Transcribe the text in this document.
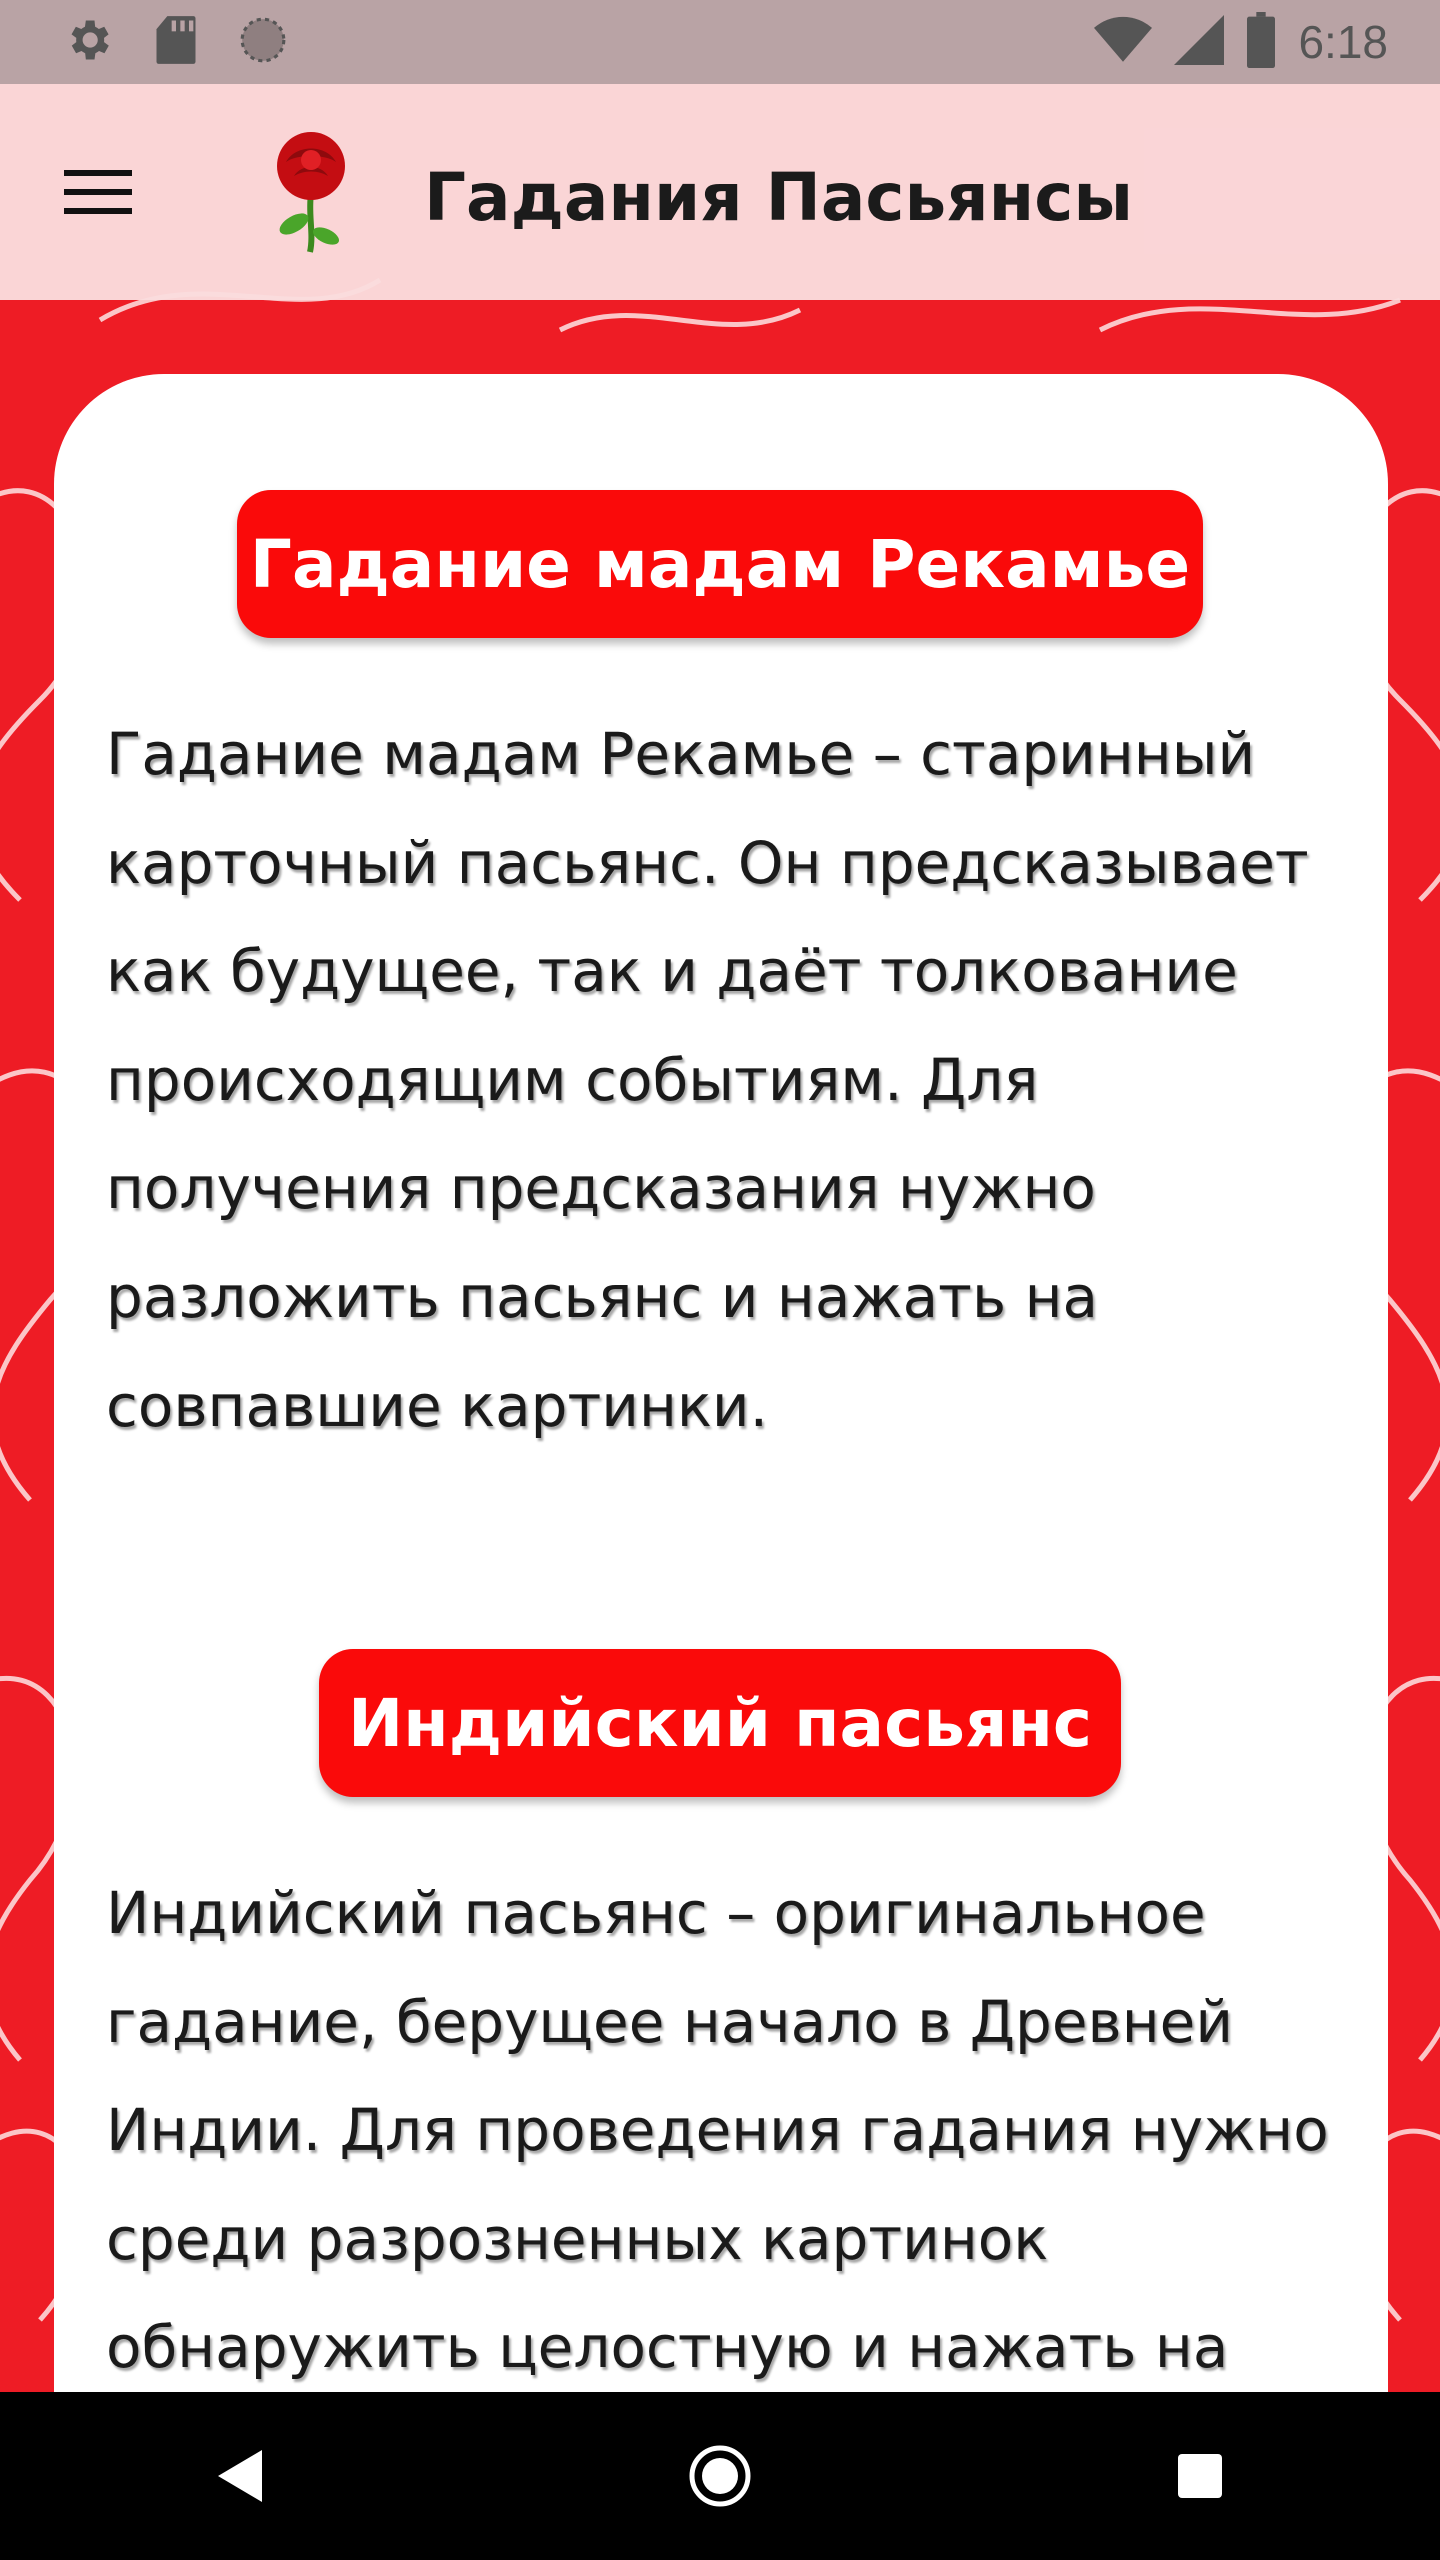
6:18
Гадания Пасьянсы
Гадание мадам Рекамье

Гадание мадам Рекамье – старинный карточный пасьянс. Он предсказывает как будущее, так и даёт толкование происходящим событиям. Для получения предсказания нужно разложить пасьянс и нажать на совпавшие картинки.

Индийский пасьянс

Индийский пасьянс – оригинальное гадание, берущее начало в Древней Индии. Для проведения гадания нужно среди разрозненных картинок обнаружить целостную и нажать на
